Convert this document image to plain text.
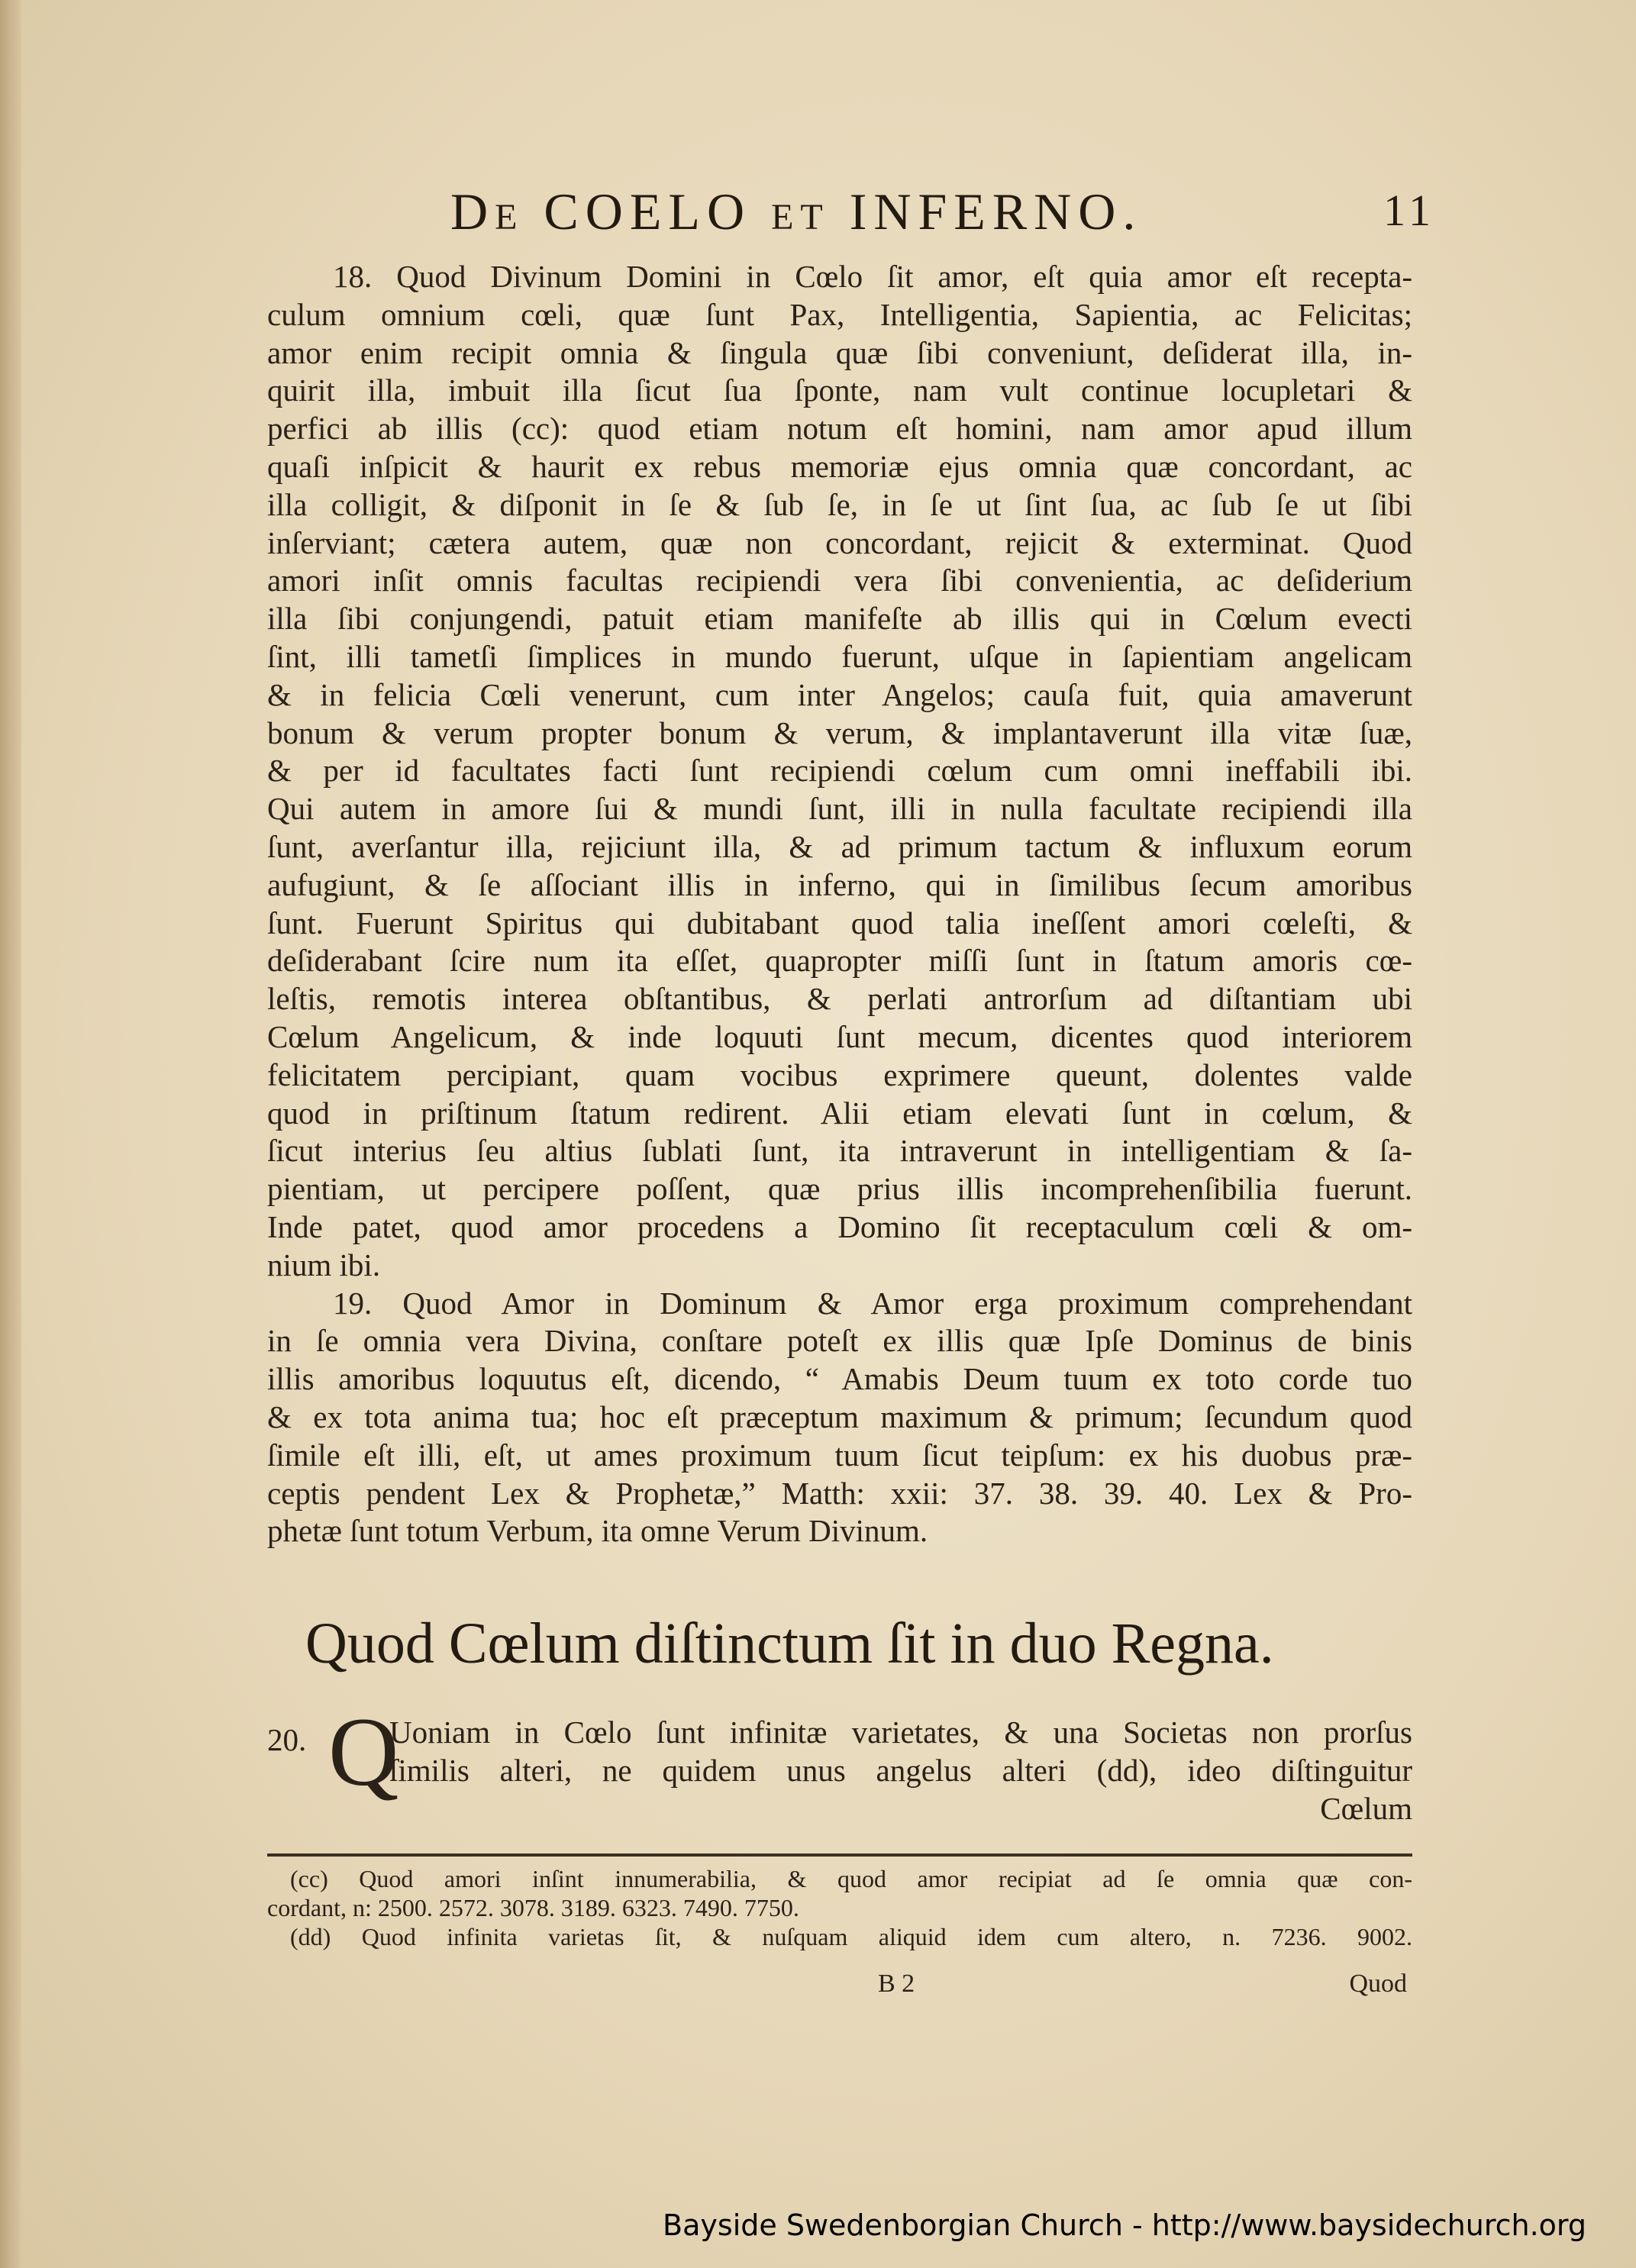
De COELO et INFERNO.	11
18. Quod Divinum Domini in Cœlo ſit amor, eſt quia amor eſt recepta-
culum omnium cœli, quæ ſunt Pax, Intelligentia, Sapientia, ac Felicitas;
amor enim recipit omnia & ſingula quæ ſibi conveniunt, deſiderat illa, in-
quirit illa, imbuit illa ſicut ſua ſponte, nam vult continue locupletari &
perfici ab illis (cc): quod etiam notum eſt homini, nam amor apud illum
quaſi inſpicit & haurit ex rebus memoriæ ejus omnia quæ concordant, ac
illa colligit, & diſponit in ſe & ſub ſe, in ſe ut ſint ſua, ac ſub ſe ut ſibi
inſerviant; cætera autem, quæ non concordant, rejicit & exterminat. Quod
amori inſit omnis facultas recipiendi vera ſibi convenientia, ac deſiderium
illa ſibi conjungendi, patuit etiam manifeſte ab illis qui in Cœlum evecti
ſint, illi tametſi ſimplices in mundo fuerunt, uſque in ſapientiam angelicam
& in felicia Cœli venerunt, cum inter Angelos; cauſa fuit, quia amaverunt
bonum & verum propter bonum & verum, & implantaverunt illa vitæ ſuæ,
& per id facultates facti ſunt recipiendi cœlum cum omni ineffabili ibi.
Qui autem in amore ſui & mundi ſunt, illi in nulla facultate recipiendi illa
ſunt, averſantur illa, rejiciunt illa, & ad primum tactum & influxum eorum
aufugiunt, & ſe aſſociant illis in inferno, qui in ſimilibus ſecum amoribus
ſunt. Fuerunt Spiritus qui dubitabant quod talia ineſſent amori cœleſti, &
deſiderabant ſcire num ita eſſet, quapropter miſſi ſunt in ſtatum amoris cœ-
leſtis, remotis interea obſtantibus, & perlati antrorſum ad diſtantiam ubi
Cœlum Angelicum, & inde loquuti ſunt mecum, dicentes quod interiorem
felicitatem percipiant, quam vocibus exprimere queunt, dolentes valde
quod in priſtinum ſtatum redirent. Alii etiam elevati ſunt in cœlum, &
ſicut interius ſeu altius ſublati ſunt, ita intraverunt in intelligentiam & ſa-
pientiam, ut percipere poſſent, quæ prius illis incomprehenſibilia fuerunt.
Inde patet, quod amor procedens a Domino ſit receptaculum cœli & om-
nium ibi.
19. Quod Amor in Dominum & Amor erga proximum comprehendant
in ſe omnia vera Divina, conſtare poteſt ex illis quæ Ipſe Dominus de binis
illis amoribus loquutus eſt, dicendo, “ Amabis Deum tuum ex toto corde tuo
& ex tota anima tua; hoc eſt præceptum maximum & primum; ſecundum quod
ſimile eſt illi, eſt, ut ames proximum tuum ſicut teipſum: ex his duobus præ-
ceptis pendent Lex & Prophetæ,” Matth: xxii: 37. 38. 39. 40. Lex & Pro-
phetæ ſunt totum Verbum, ita omne Verum Divinum.
Quod Cœlum diſtinctum ſit in duo Regna.
20. Q
Uoniam in Cœlo ſunt infinitæ varietates, & una Societas non prorſus
ſimilis alteri, ne quidem unus angelus alteri (dd), ideo diſtinguitur
Cœlum
(cc) Quod amori inſint innumerabilia, & quod amor recipiat ad ſe omnia quæ con-
cordant, n: 2500. 2572. 3078. 3189. 6323. 7490. 7750.
(dd) Quod infinita varietas ſit, & nuſquam aliquid idem cum altero, n. 7236. 9002.
B 2	Quod
Bayside Swedenborgian Church - http://www.baysidechurch.org
